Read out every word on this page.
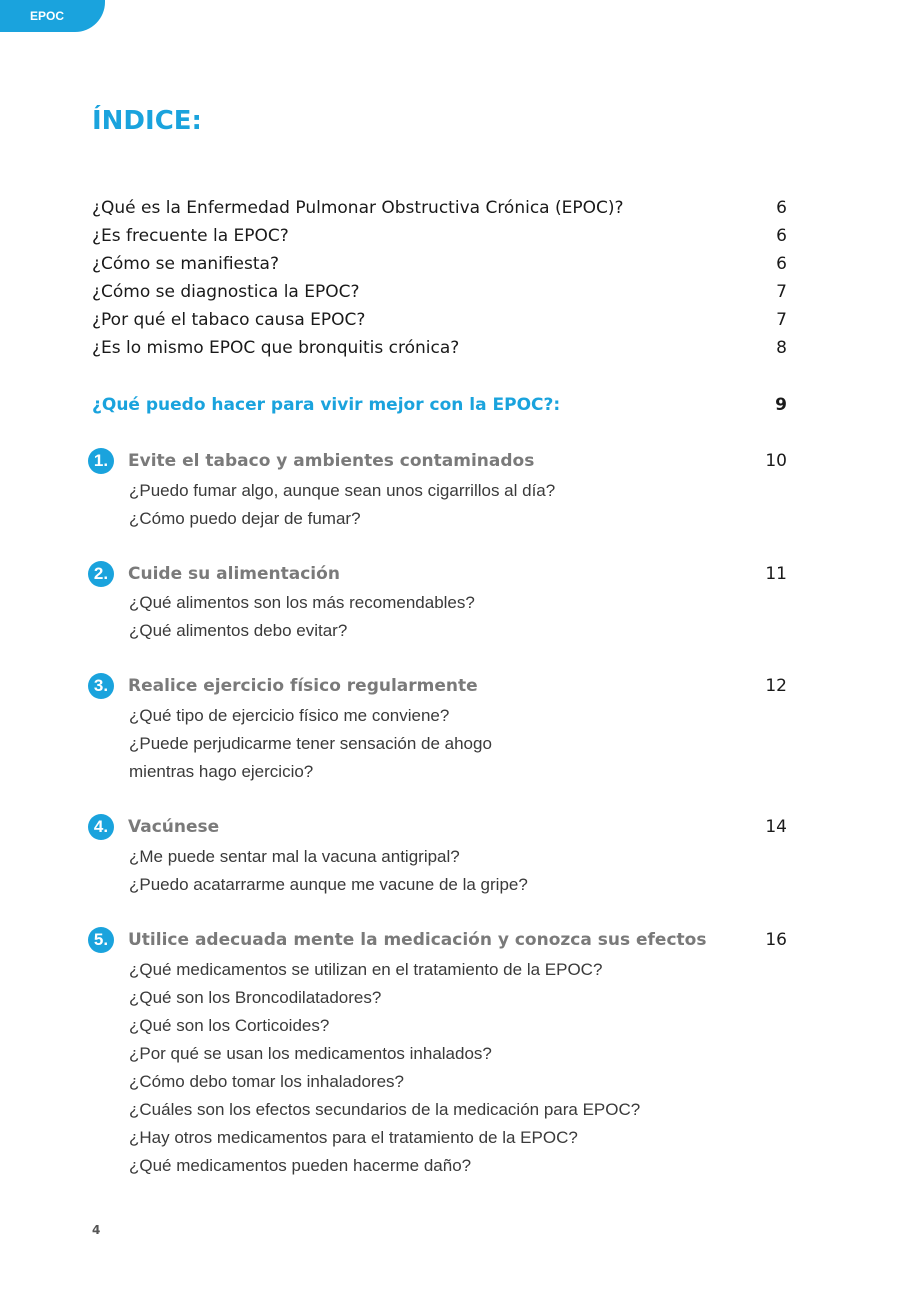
EPOC
ÍNDICE:
¿Qué es la Enfermedad Pulmonar Obstructiva Crónica (EPOC)?	6
¿Es frecuente la EPOC?	6
¿Cómo se manifiesta?	6
¿Cómo se diagnostica la EPOC?	7
¿Por qué el tabaco causa EPOC?	7
¿Es lo mismo EPOC que bronquitis crónica?	8
¿Qué puedo hacer para vivir mejor con la EPOC?:	9
1.	Evite el tabaco y ambientes contaminados	10
¿Puedo fumar algo, aunque sean unos cigarrillos al día?
¿Cómo puedo dejar de fumar?
2.	Cuide su alimentación	11
¿Qué alimentos son los más recomendables?
¿Qué alimentos debo evitar?
3.	Realice ejercicio físico regularmente	12
¿Qué tipo de ejercicio físico me conviene?
¿Puede perjudicarme tener sensación de ahogo
mientras hago ejercicio?
4.	Vacúnese	14
¿Me puede sentar mal la vacuna antigripal?
¿Puedo acatarrarme aunque me vacune de la gripe?
5.	Utilice adecuada mente la medicación y conozca sus efectos	16
¿Qué medicamentos se utilizan en el tratamiento de la EPOC?
¿Qué son los Broncodilatadores?
¿Qué son los Corticoides?
¿Por qué se usan los medicamentos inhalados?
¿Cómo debo tomar los inhaladores?
¿Cuáles son los efectos secundarios de la medicación para EPOC?
¿Hay otros medicamentos para el tratamiento de la EPOC?
¿Qué medicamentos pueden hacerme daño?
4
